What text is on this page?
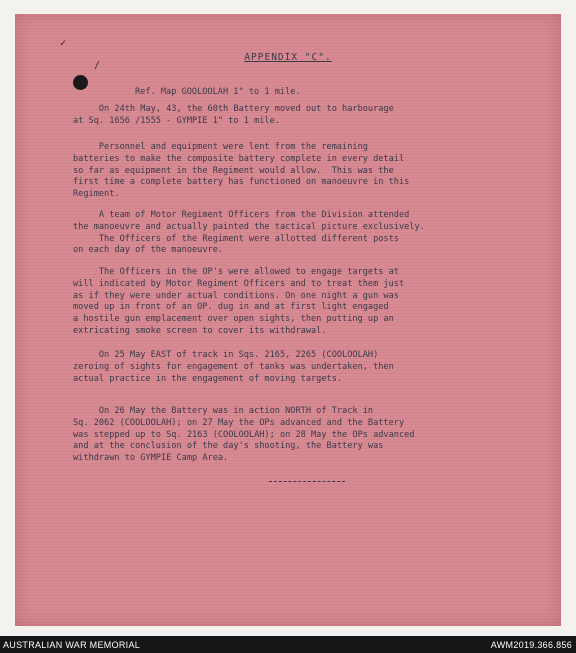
✓
/
APPENDIX "C".
Ref. Map GOOLOOLAH 1" to 1 mile.
On 24th May, 43, the 60th Battery moved out to harbourage
at Sq. 1656 /1555 - GYMPIE 1" to 1 mile.
Personnel and equipment were lent from the remaining
batteries to make the composite battery complete in every detail
so far as equipment in the Regiment would allow.  This was the
first time a complete battery has functioned on manoeuvre in this
Regiment.
A team of Motor Regiment Officers from the Division attended
the manoeuvre and actually painted the tactical picture exclusively.
The Officers of the Regiment were allotted different posts
on each day of the manoeuvre.
The Officers in the OP's were allowed to engage targets at
will indicated by Motor Regiment Officers and to treat them just
as if they were under actual conditions. On one night a gun was
moved up in front of an OP. dug in and at first light engaged
a hostile gun emplacement over open sights, then putting up an
extricating smoke screen to cover its withdrawal.
On 25 May EAST of track in Sqs. 2165, 2265 (COOLOOLAH)
zeroing of sights for engagement of tanks was undertaken, then
actual practice in the engagement of moving targets.
On 26 May the Battery was in action NORTH of Track in
Sq. 2062 (COOLOOLAH); on 27 May the OPs advanced and the Battery
was stepped up to Sq. 2163 (COOLOOLAH); on 28 May the OPs advanced
and at the conclusion of the day's shooting, the Battery was
withdrawn to GYMPIE Camp Area.
AUSTRALIAN WAR MEMORIAL	AWM2019.366.856
